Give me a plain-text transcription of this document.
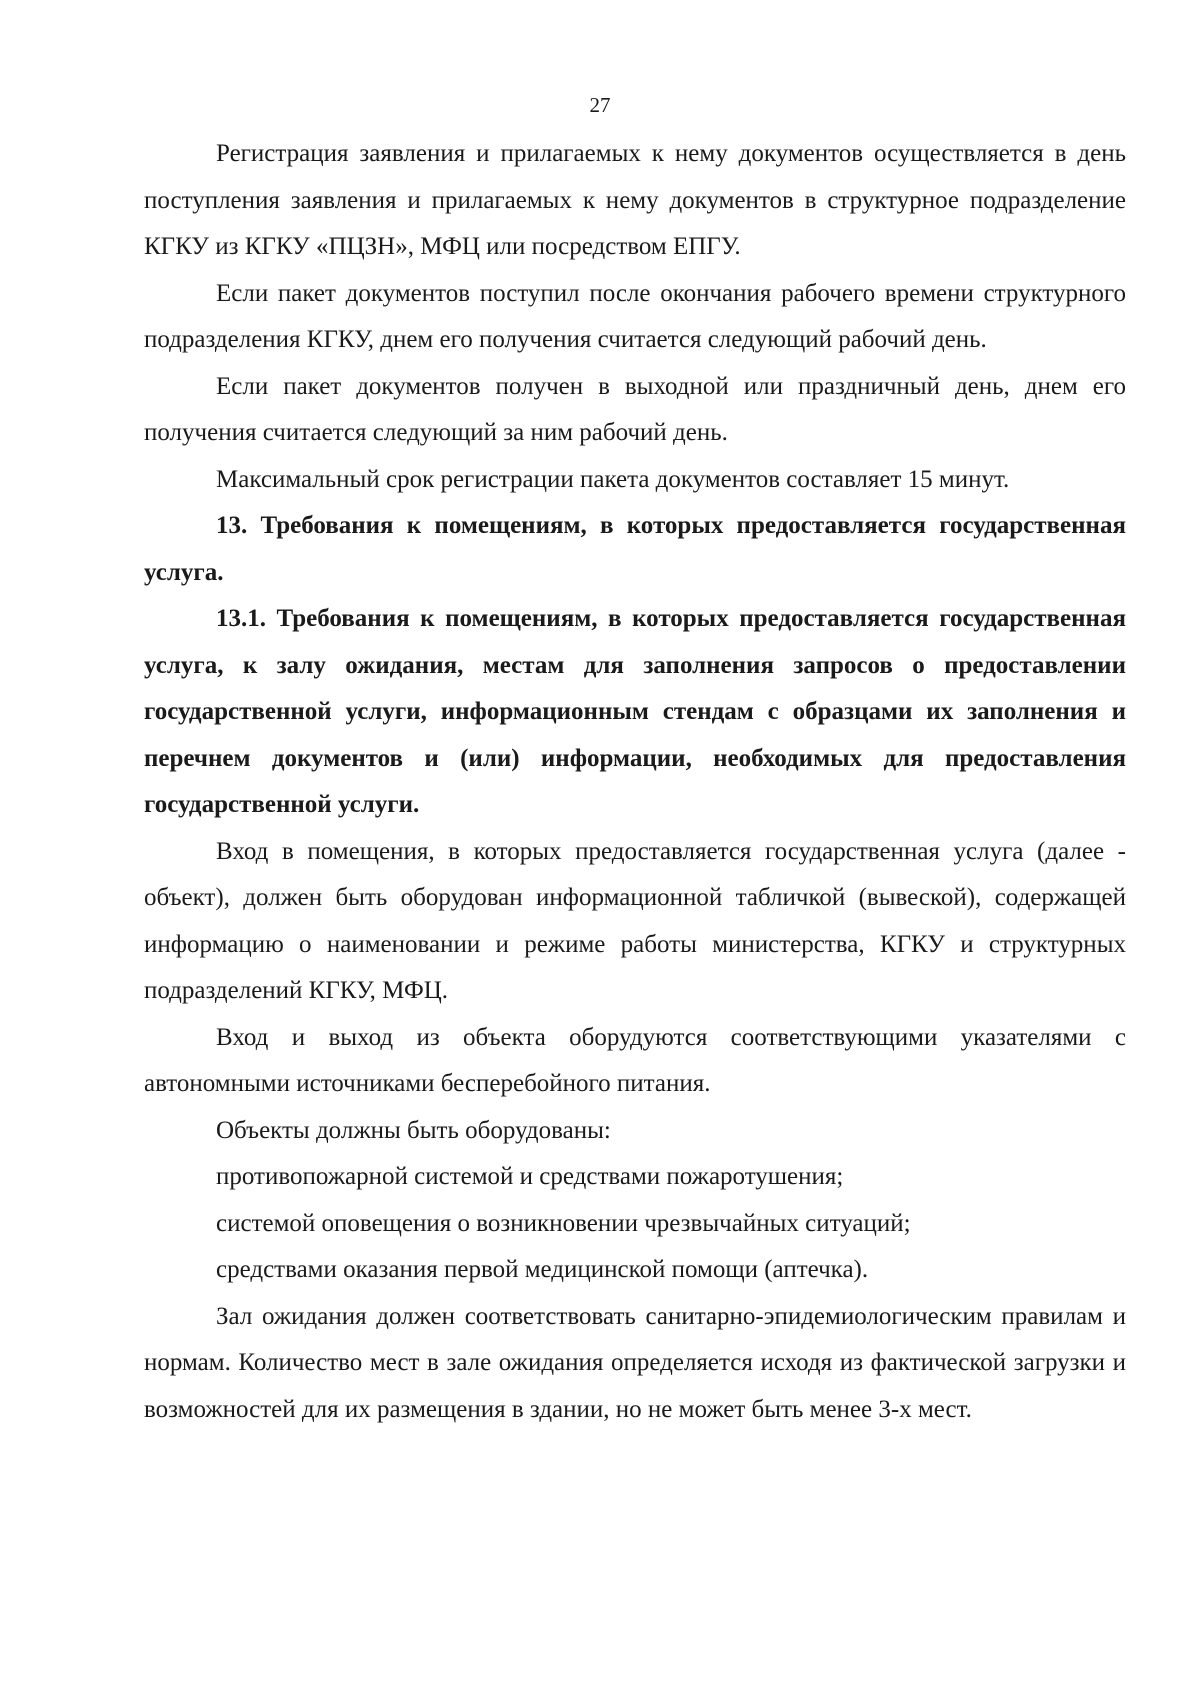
27

Регистрация заявления и прилагаемых к нему документов осуществляется в день поступления заявления и прилагаемых к нему документов в структурное подразделение КГКУ из КГКУ «ПЦЗН», МФЦ или посредством ЕПГУ.

Если пакет документов поступил после окончания рабочего времени структурного подразделения КГКУ, днем его получения считается следующий рабочий день.

Если пакет документов получен в выходной или праздничный день, днем его получения считается следующий за ним рабочий день.

Максимальный срок регистрации пакета документов составляет 15 минут.

13. Требования к помещениям, в которых предоставляется государственная услуга.

13.1. Требования к помещениям, в которых предоставляется государственная услуга, к залу ожидания, местам для заполнения запросов о предоставлении государственной услуги, информационным стендам с образцами их заполнения и перечнем документов и (или) информации, необходимых для предоставления государственной услуги.

Вход в помещения, в которых предоставляется государственная услуга (далее - объект), должен быть оборудован информационной табличкой (вывеской), содержащей информацию о наименовании и режиме работы министерства, КГКУ и структурных подразделений КГКУ, МФЦ.

Вход и выход из объекта оборудуются соответствующими указателями с автономными источниками бесперебойного питания.

Объекты должны быть оборудованы:

противопожарной системой и средствами пожаротушения;

системой оповещения о возникновении чрезвычайных ситуаций;

средствами оказания первой медицинской помощи (аптечка).

Зал ожидания должен соответствовать санитарно-эпидемиологическим правилам и нормам. Количество мест в зале ожидания определяется исходя из фактической загрузки и возможностей для их размещения в здании, но не может быть менее 3-х мест.
